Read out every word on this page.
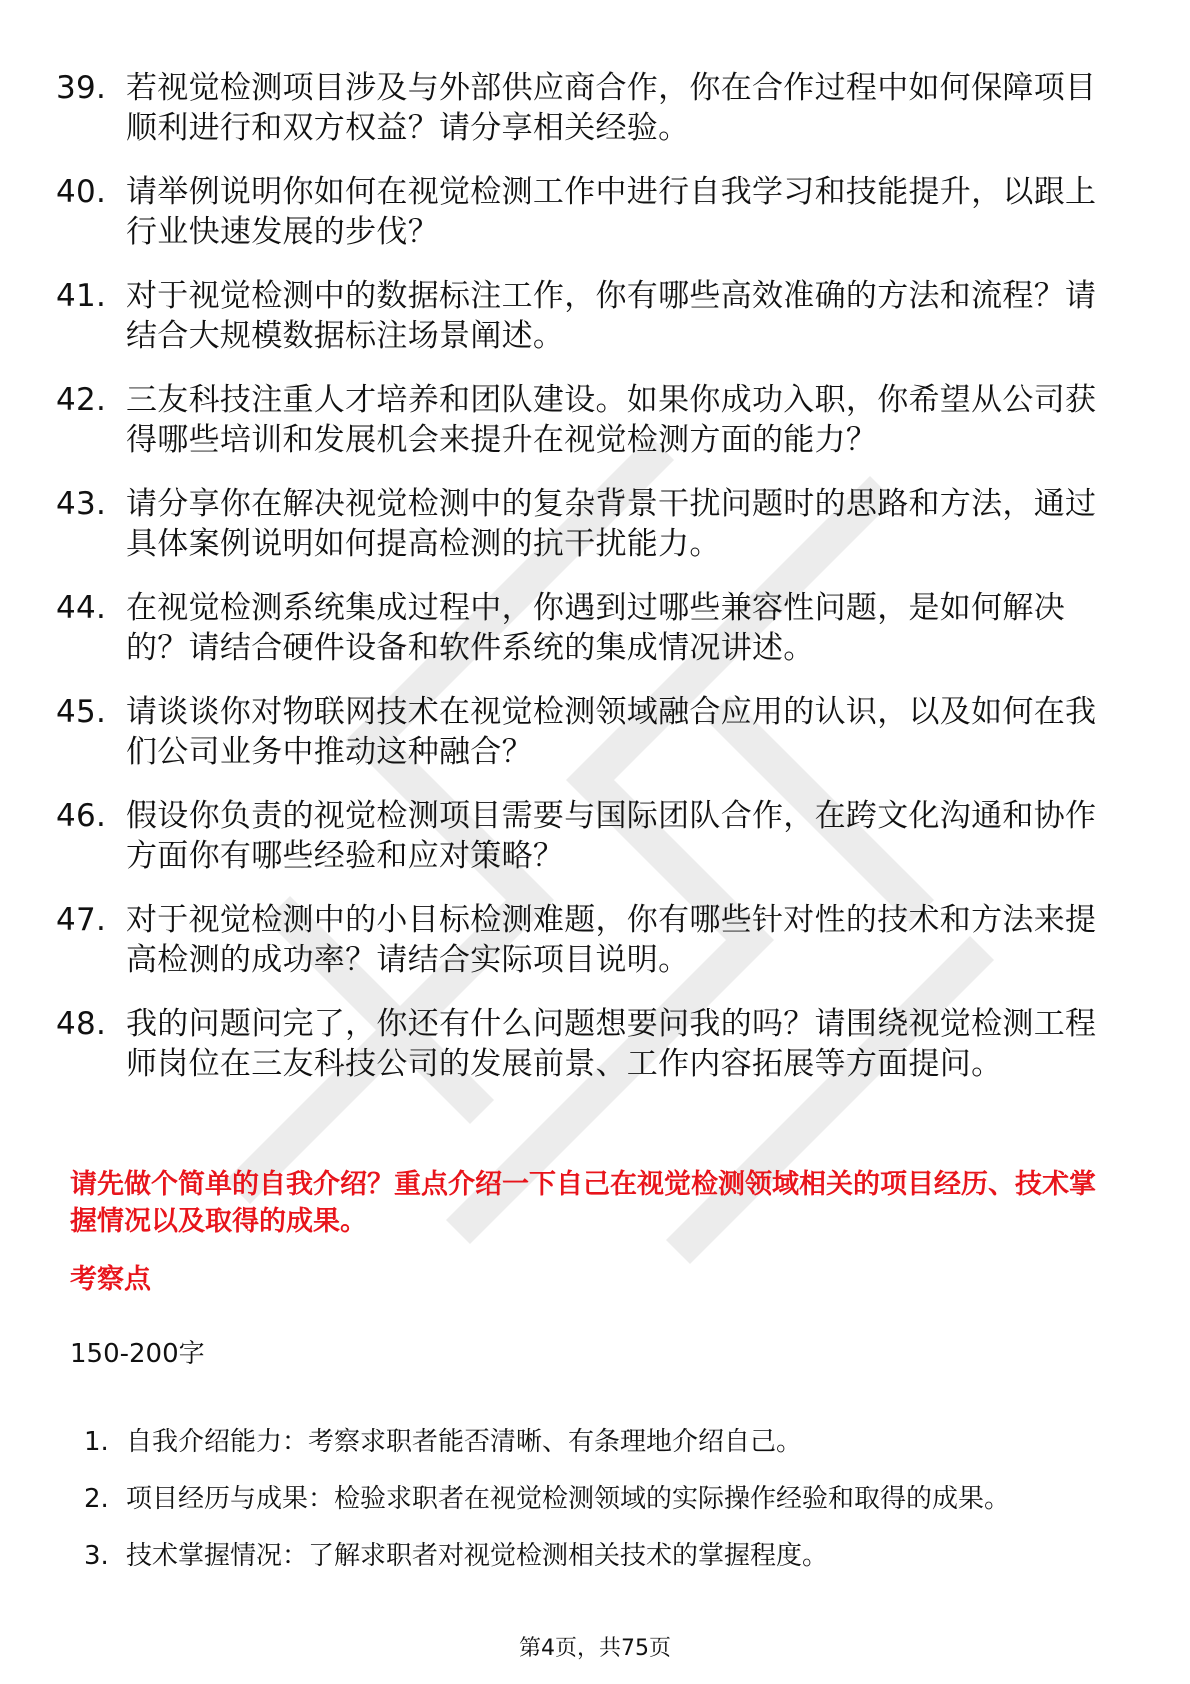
39. 若视觉检测项目涉及与外部供应商合作，你在合作过程中如何保障项目顺利进行和双方权益？请分享相关经验。
40. 请举例说明你如何在视觉检测工作中进行自我学习和技能提升，以跟上行业快速发展的步伐？
41. 对于视觉检测中的数据标注工作，你有哪些高效准确的方法和流程？请结合大规模数据标注场景阐述。
42. 三友科技注重人才培养和团队建设。如果你成功入职，你希望从公司获得哪些培训和发展机会来提升在视觉检测方面的能力？
43. 请分享你在解决视觉检测中的复杂背景干扰问题时的思路和方法，通过具体案例说明如何提高检测的抗干扰能力。
44. 在视觉检测系统集成过程中，你遇到过哪些兼容性问题，是如何解决的？请结合硬件设备和软件系统的集成情况讲述。
45. 请谈谈你对物联网技术在视觉检测领域融合应用的认识，以及如何在我们公司业务中推动这种融合？
46. 假设你负责的视觉检测项目需要与国际团队合作，在跨文化沟通和协作方面你有哪些经验和应对策略？
47. 对于视觉检测中的小目标检测难题，你有哪些针对性的技术和方法来提高检测的成功率？请结合实际项目说明。
48. 我的问题问完了，你还有什么问题想要问我的吗？请围绕视觉检测工程师岗位在三友科技公司的发展前景、工作内容拓展等方面提问。

请先做个简单的自我介绍？重点介绍一下自己在视觉检测领域相关的项目经历、技术掌握情况以及取得的成果。

考察点

150-200字

1. 自我介绍能力：考察求职者能否清晰、有条理地介绍自己。
2. 项目经历与成果：检验求职者在视觉检测领域的实际操作经验和取得的成果。
3. 技术掌握情况：了解求职者对视觉检测相关技术的掌握程度。
第4页，共75页
